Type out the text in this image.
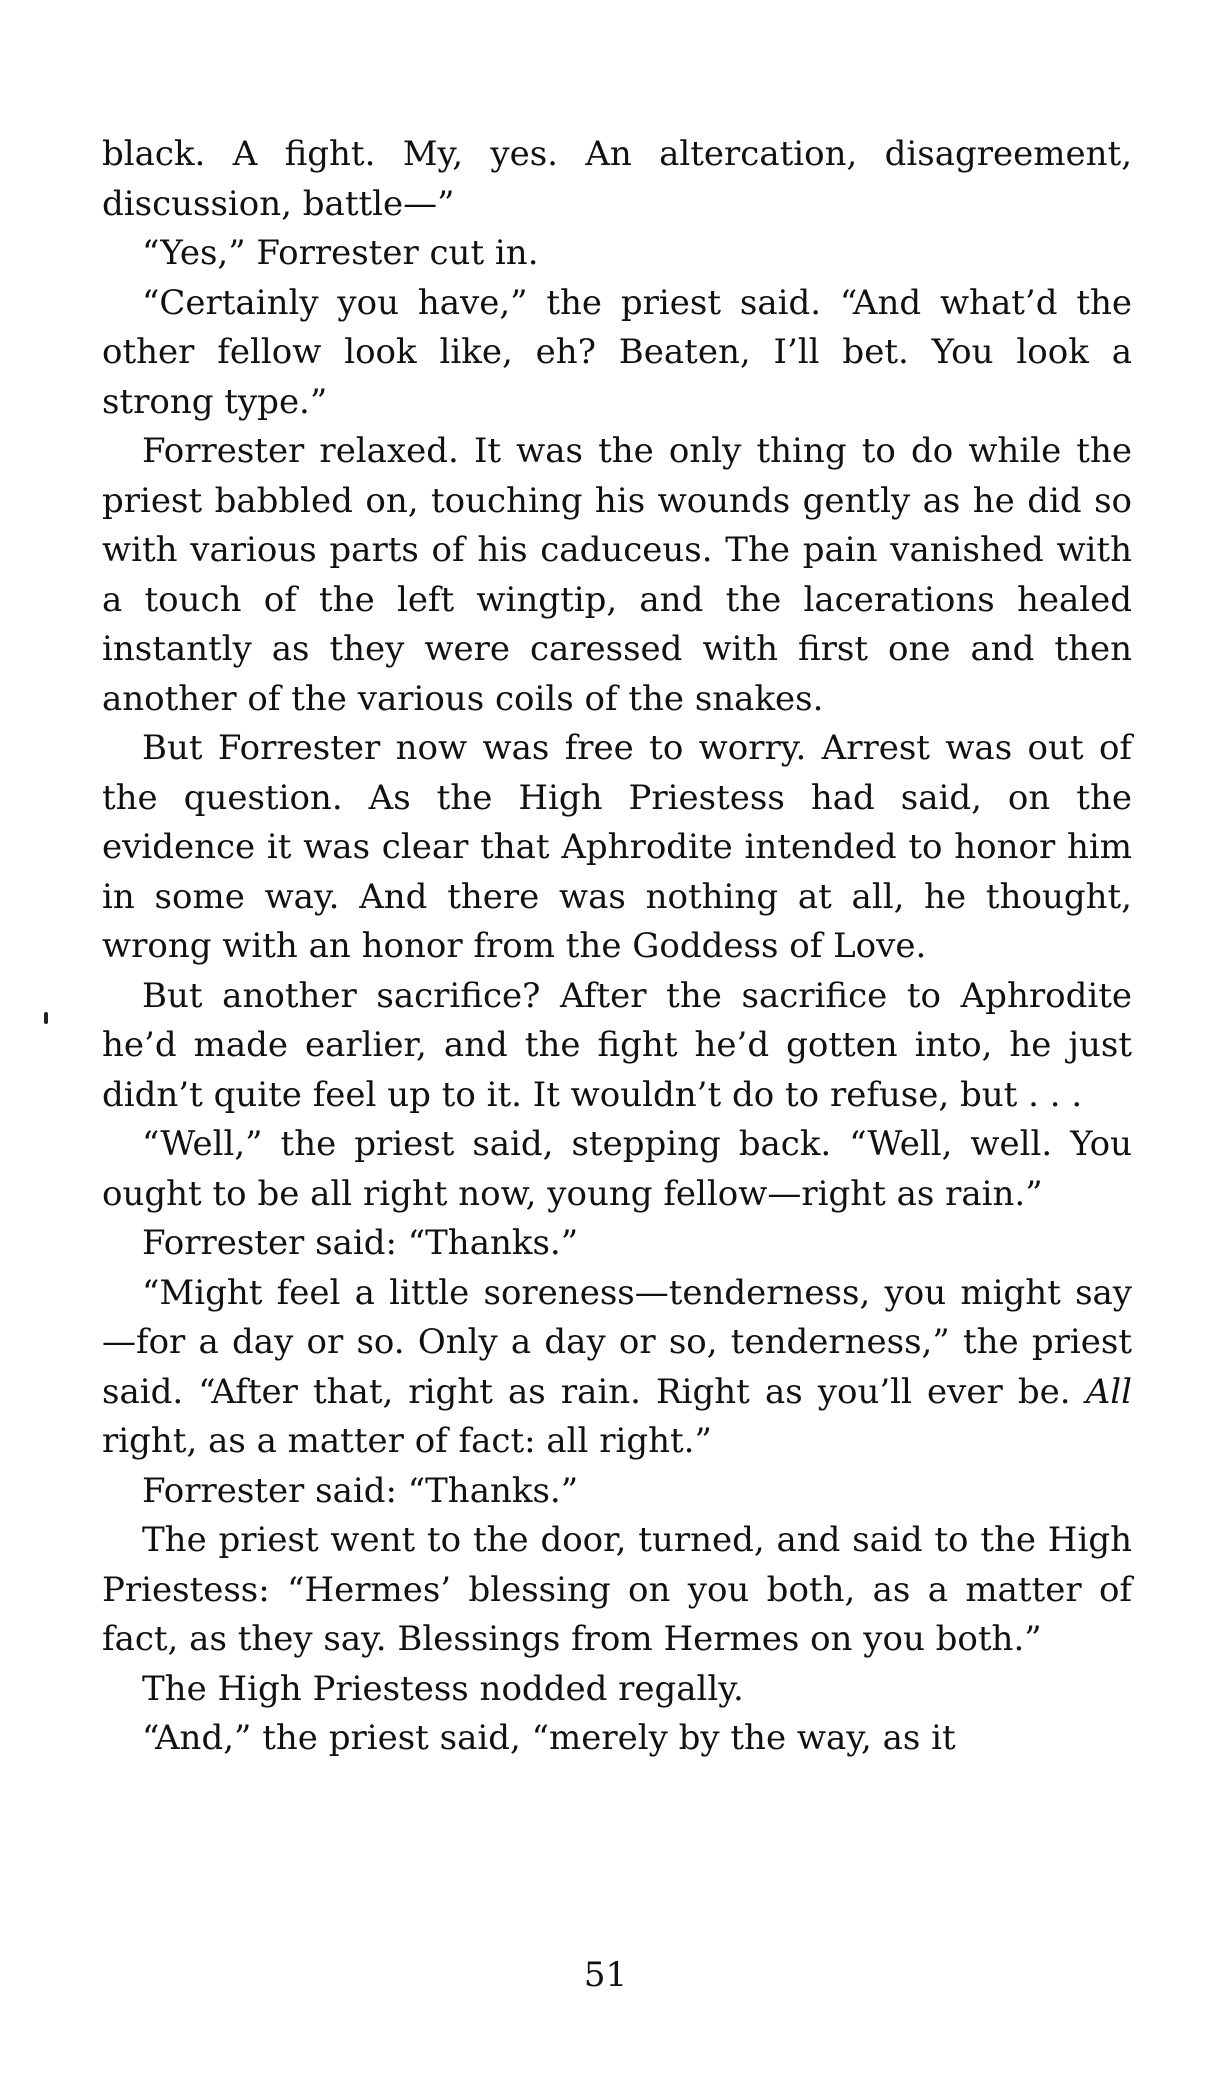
black. A fight. My, yes. An altercation, disagreement, discussion, battle—”

“Yes,” Forrester cut in.

“Certainly you have,” the priest said. “And what’d the other fellow look like, eh? Beaten, I’ll bet. You look a strong type.”

Forrester relaxed. It was the only thing to do while the priest babbled on, touching his wounds gently as he did so with various parts of his caduceus. The pain vanished with a touch of the left wingtip, and the lacerations healed instantly as they were caressed with first one and then another of the various coils of the snakes.

But Forrester now was free to worry. Arrest was out of the question. As the High Priestess had said, on the evidence it was clear that Aphrodite intended to honor him in some way. And there was nothing at all, he thought, wrong with an honor from the Goddess of Love.

But another sacrifice? After the sacrifice to Aphrodite he’d made earlier, and the fight he’d gotten into, he just didn’t quite feel up to it. It wouldn’t do to refuse, but . . .

“Well,” the priest said, stepping back. “Well, well. You ought to be all right now, young fellow—right as rain.”

Forrester said: “Thanks.”

“Might feel a little soreness—tenderness, you might say—for a day or so. Only a day or so, tenderness,” the priest said. “After that, right as rain. Right as you’ll ever be. All right, as a matter of fact: all right.”

Forrester said: “Thanks.”

The priest went to the door, turned, and said to the High Priestess: “Hermes’ blessing on you both, as a matter of fact, as they say. Blessings from Hermes on you both.”

The High Priestess nodded regally.

“And,” the priest said, “merely by the way, as it

51
